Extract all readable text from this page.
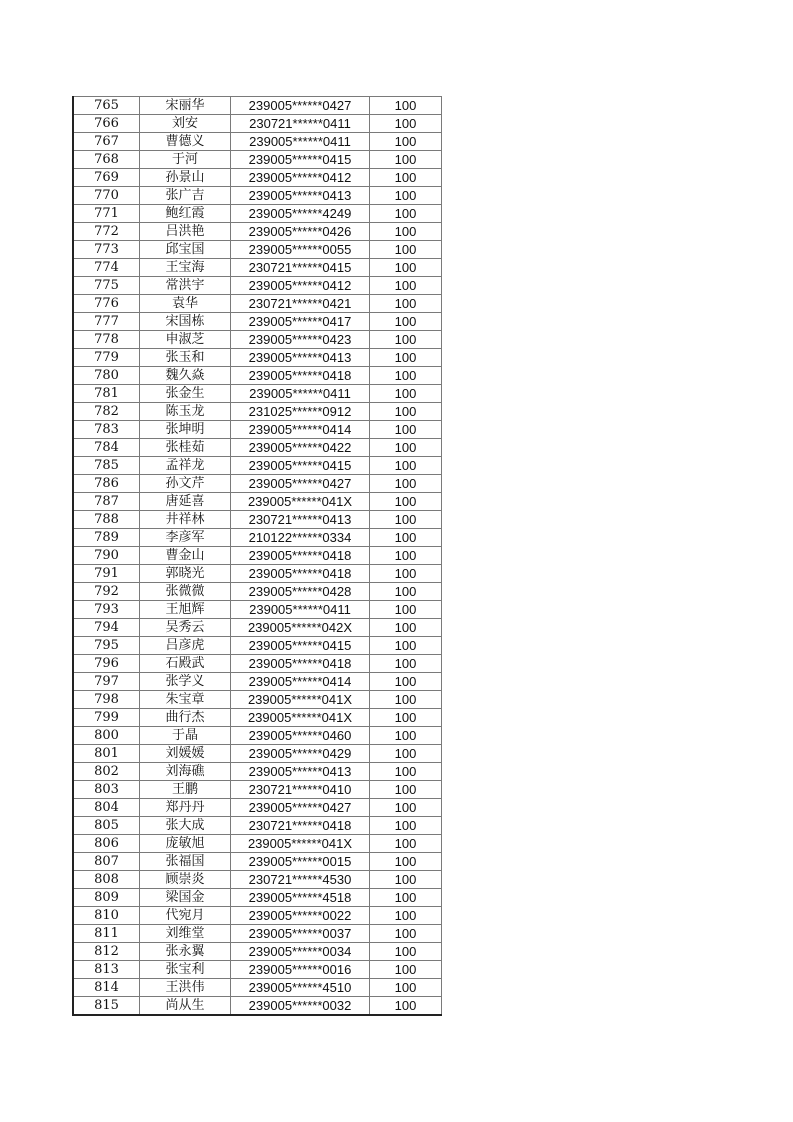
765	宋丽华	239005******0427	100
766	刘安	230721******0411	100
767	曹德义	239005******0411	100
768	于河	239005******0415	100
769	孙景山	239005******0412	100
770	张广吉	239005******0413	100
771	鲍红霞	239005******4249	100
772	吕洪艳	239005******0426	100
773	邱宝国	239005******0055	100
774	王宝海	230721******0415	100
775	常洪宇	239005******0412	100
776	袁华	230721******0421	100
777	宋国栋	239005******0417	100
778	申淑芝	239005******0423	100
779	张玉和	239005******0413	100
780	魏久焱	239005******0418	100
781	张金生	239005******0411	100
782	陈玉龙	231025******0912	100
783	张坤明	239005******0414	100
784	张桂茹	239005******0422	100
785	孟祥龙	239005******0415	100
786	孙文芹	239005******0427	100
787	唐延喜	239005******041X	100
788	井祥林	230721******0413	100
789	李彦军	210122******0334	100
790	曹金山	239005******0418	100
791	郭晓光	239005******0418	100
792	张微微	239005******0428	100
793	王旭辉	239005******0411	100
794	吴秀云	239005******042X	100
795	吕彦虎	239005******0415	100
796	石殿武	239005******0418	100
797	张学义	239005******0414	100
798	朱宝章	239005******041X	100
799	曲行杰	239005******041X	100
800	于晶	239005******0460	100
801	刘媛媛	239005******0429	100
802	刘海礁	239005******0413	100
803	王鹏	230721******0410	100
804	郑丹丹	239005******0427	100
805	张大成	230721******0418	100
806	庞敏旭	239005******041X	100
807	张福国	239005******0015	100
808	顾崇炎	230721******4530	100
809	梁国金	239005******4518	100
810	代宛月	239005******0022	100
811	刘维堂	239005******0037	100
812	张永翼	239005******0034	100
813	张宝利	239005******0016	100
814	王洪伟	239005******4510	100
815	尚从生	239005******0032	100
